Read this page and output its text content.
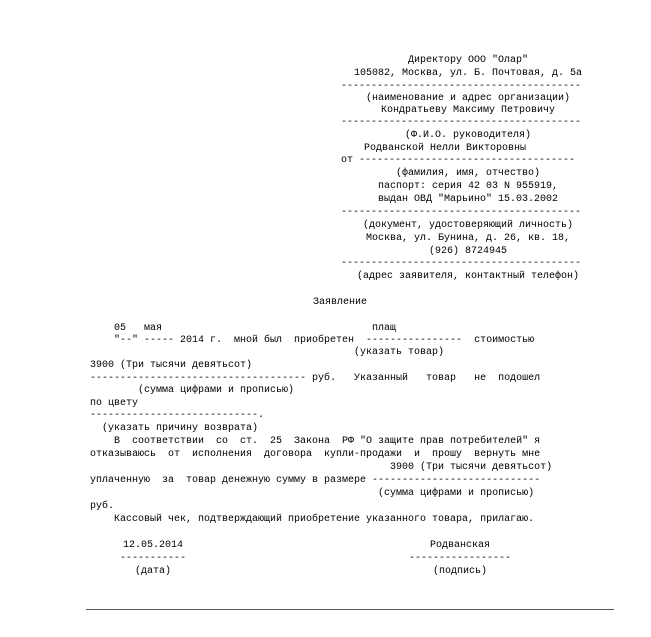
Директору ООО "Олар"
105082, Москва, ул. Б. Почтовая, д. 5а
----------------------------------------
(наименование и адрес организации)
Кондратьеву Максиму Петровичу
----------------------------------------
(Ф.И.О. руководителя)
Родванской Нелли Викторовны
от ------------------------------------
(фамилия, имя, отчество)
паспорт: серия 42 03 N 955919,
выдан ОВД "Марьино" 15.03.2002
----------------------------------------
(документ, удостоверяющий личность)
Москва, ул. Бунина, д. 26, кв. 18,
(926) 8724945
----------------------------------------
(адрес заявителя, контактный телефон)
Заявление
05   мая                                   плащ
"--" ----- 2014 г.  мной был  приобретен  ----------------  стоимостью
(указать товар)
3900 (Три тысячи девятьсот)
------------------------------------ руб.   Указанный   товар   не  подошел
(сумма цифрами и прописью)
по цвету
----------------------------.
(указать причину возврата)
В  соответствии  со  ст.  25  Закона  РФ "О защите прав потребителей" я
отказываюсь  от  исполнения  договора  купли-продажи  и  прошу  вернуть мне
3900 (Три тысячи девятьсот)
уплаченную  за  товар денежную сумму в размере ----------------------------
(сумма цифрами и прописью)
руб.
Кассовый чек, подтверждающий приобретение указанного товара, прилагаю.
12.05.2014
-----------
(дата)
Родванская
-----------------
(подпись)
